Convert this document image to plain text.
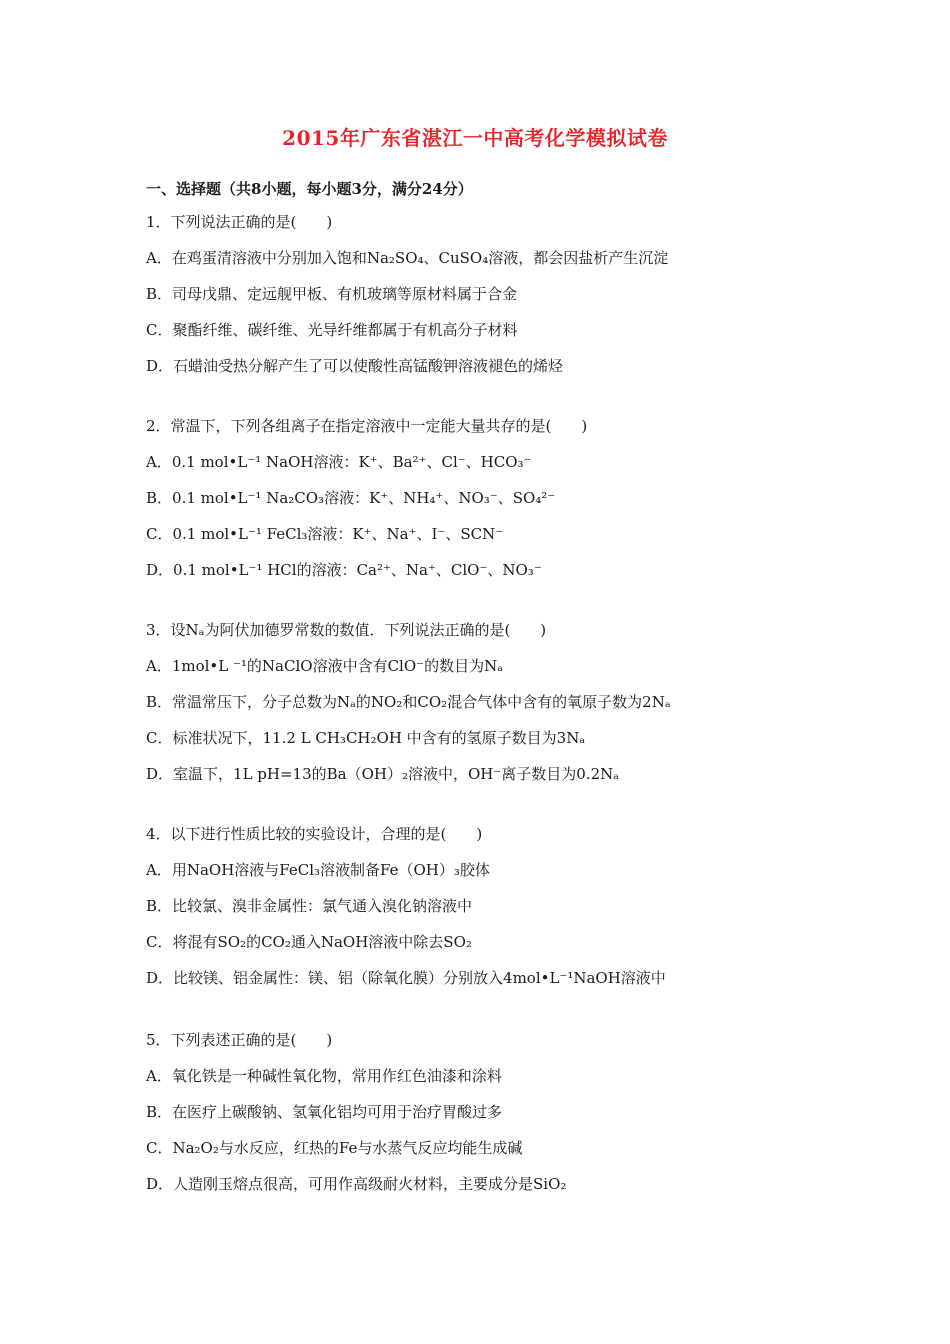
2015年广东省湛江一中高考化学模拟试卷
一、选择题（共8小题，每小题3分，满分24分）
1．下列说法正确的是(　　)
A．在鸡蛋清溶液中分别加入饱和Na₂SO₄、CuSO₄溶液，都会因盐析产生沉淀
B．司母戊鼎、定远舰甲板、有机玻璃等原材料属于合金
C．聚酯纤维、碳纤维、光导纤维都属于有机高分子材料
D．石蜡油受热分解产生了可以使酸性高锰酸钾溶液褪色的烯烃
2．常温下，下列各组离子在指定溶液中一定能大量共存的是(　　)
A．0.1 mol•L⁻¹ NaOH溶液：K⁺、Ba²⁺、Cl⁻、HCO₃⁻
B．0.1 mol•L⁻¹ Na₂CO₃溶液：K⁺、NH₄⁺、NO₃⁻、SO₄²⁻
C．0.1 mol•L⁻¹ FeCl₃溶液：K⁺、Na⁺、I⁻、SCN⁻
D．0.1 mol•L⁻¹ HCl的溶液：Ca²⁺、Na⁺、ClO⁻、NO₃⁻
3．设Nₐ为阿伏加德罗常数的数值．下列说法正确的是(　　)
A．1mol•L ⁻¹的NaClO溶液中含有ClO⁻的数目为Nₐ
B．常温常压下，分子总数为Nₐ的NO₂和CO₂混合气体中含有的氧原子数为2Nₐ
C．标准状况下，11.2 L CH₃CH₂OH 中含有的氢原子数目为3Nₐ
D．室温下，1L pH=13的Ba（OH）₂溶液中，OH⁻离子数目为0.2Nₐ
4．以下进行性质比较的实验设计，合理的是(　　)
A．用NaOH溶液与FeCl₃溶液制备Fe（OH）₃胶体
B．比较氯、溴非金属性：氯气通入溴化钠溶液中
C．将混有SO₂的CO₂通入NaOH溶液中除去SO₂
D．比较镁、铝金属性：镁、铝（除氧化膜）分别放入4mol•L⁻¹NaOH溶液中
5．下列表述正确的是(　　)
A．氧化铁是一种碱性氧化物，常用作红色油漆和涂料
B．在医疗上碳酸钠、氢氧化铝均可用于治疗胃酸过多
C．Na₂O₂与水反应，红热的Fe与水蒸气反应均能生成碱
D．人造刚玉熔点很高，可用作高级耐火材料，主要成分是SiO₂
